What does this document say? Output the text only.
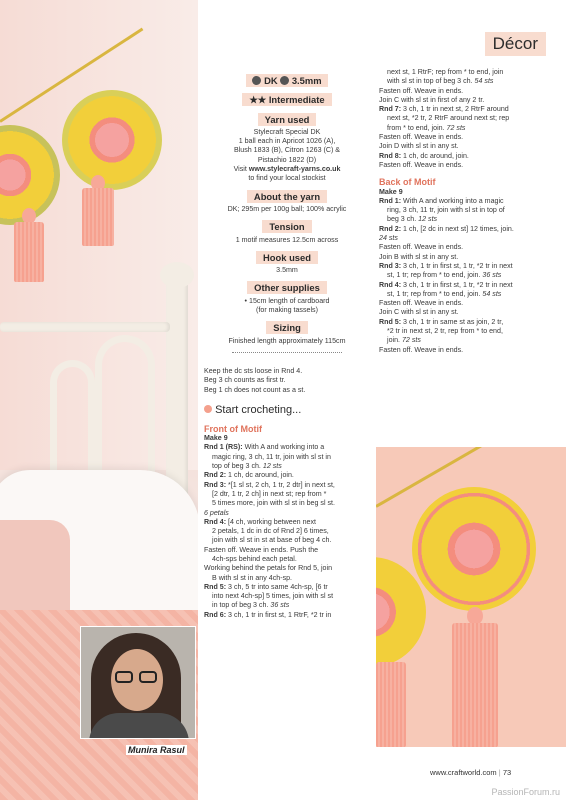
Décor
DK 3.5mm
★★ Intermediate
Yarn used
Stylecraft Special DK
1 ball each in Apricot 1026 (A),
Blush 1833 (B), Citron 1263 (C) &
Pistachio 1822 (D)
Visit www.stylecraft-yarns.co.uk
to find your local stockist
About the yarn
DK; 295m per 100g ball; 100% acrylic
Tension
1 motif measures 12.5cm across
Hook used
3.5mm
Other supplies
• 15cm length of cardboard
(for making tassels)
Sizing
Finished length approximately 115cm
Keep the dc sts loose in Rnd 4.
Beg 3 ch counts as first tr.
Beg 1 ch does not count as a st.
Start crocheting...
Front of Motif
Make 9
Rnd 1 (RS): With A and working into a
magic ring, 3 ch, 11 tr, join with sl st in
top of beg 3 ch. 12 sts
Rnd 2: 1 ch, dc around, join.
Rnd 3: *[1 sl st, 2 ch, 1 tr, 2 dtr] in next st,
[2 dtr, 1 tr, 2 ch] in next st; rep from *
5 times more, join with sl st in beg sl st.
6 petals
Rnd 4: [4 ch, working between next
2 petals, 1 dc in dc of Rnd 2] 6 times,
join with sl st in st at base of beg 4 ch.
Fasten off. Weave in ends. Push the
4ch-sps behind each petal.
Working behind the petals for Rnd 5, join
B with sl st in any 4ch-sp.
Rnd 5: 3 ch, 5 tr into same 4ch-sp, [6 tr
into next 4ch-sp] 5 times, join with sl st
in top of beg 3 ch. 36 sts
Rnd 6: 3 ch, 1 tr in first st, 1 RtrF, *2 tr in
next st, 1 RtrF; rep from * to end, join
with sl st in top of beg 3 ch. 54 sts
Fasten off. Weave in ends.
Join C with sl st in first of any 2 tr.
Rnd 7: 3 ch, 1 tr in next st, 2 RtrF around
next st, *2 tr, 2 RtrF around next st; rep
from * to end, join. 72 sts
Fasten off. Weave in ends.
Join D with sl st in any st.
Rnd 8: 1 ch, dc around, join.
Fasten off. Weave in ends.
Back of Motif
Make 9
Rnd 1: With A and working into a magic
ring, 3 ch, 11 tr, join with sl st in top of
beg 3 ch. 12 sts
Rnd 2: 1 ch, [2 dc in next st] 12 times, join.
24 sts
Fasten off. Weave in ends.
Join B with sl st in any st.
Rnd 3: 3 ch, 1 tr in first st, 1 tr, *2 tr in next
st, 1 tr; rep from * to end, join. 36 sts
Rnd 4: 3 ch, 1 tr in first st, 1 tr, *2 tr in next
st, 1 tr; rep from * to end, join. 54 sts
Fasten off. Weave in ends.
Join C with sl st in any st.
Rnd 5: 3 ch, 1 tr in same st as join, 2 tr,
*2 tr in next st, 2 tr, rep from * to end,
join. 72 sts
Fasten off. Weave in ends.
Munira Rasul
www.craftworld.com | 73
PassionForum.ru
